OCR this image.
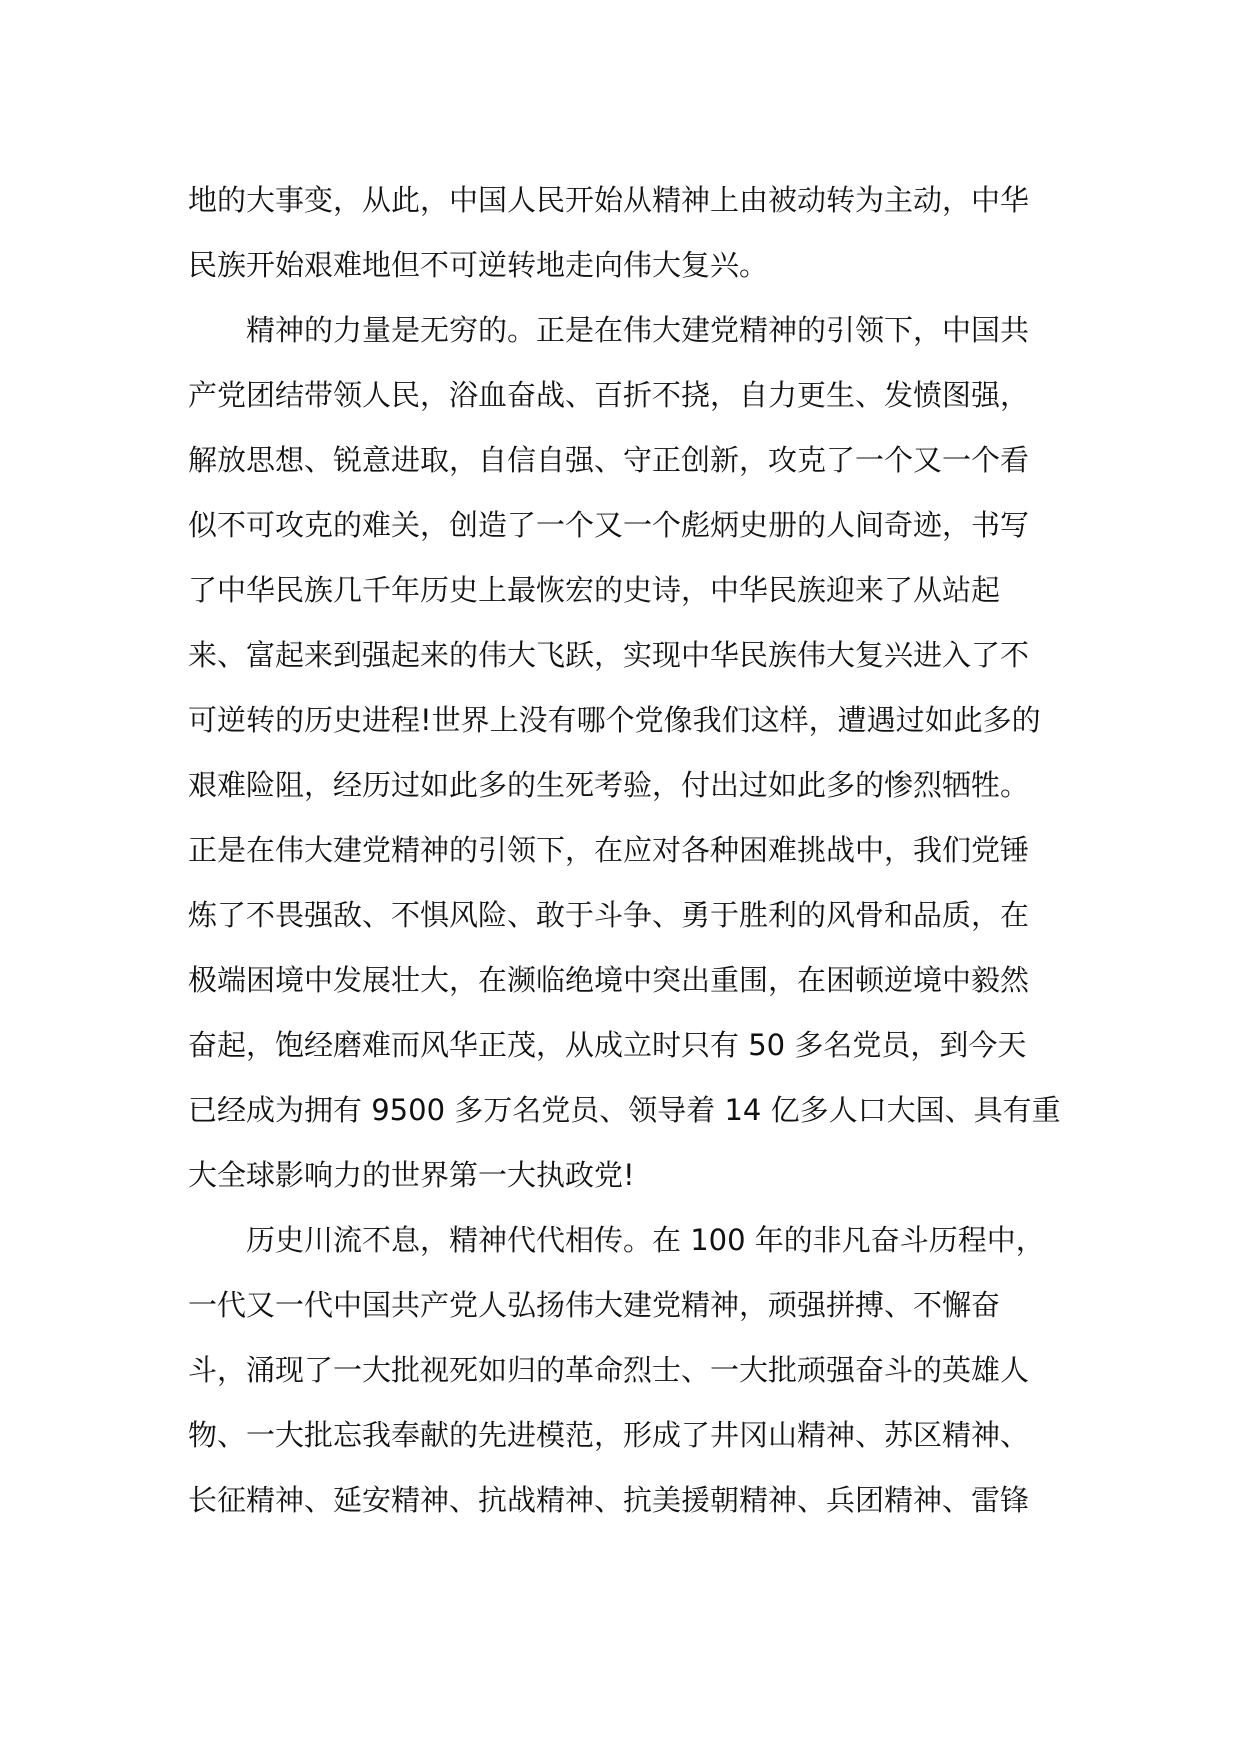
地的大事变，从此，中国人民开始从精神上由被动转为主动，中华
民族开始艰难地但不可逆转地走向伟大复兴。
精神的力量是无穷的。正是在伟大建党精神的引领下，中国共
产党团结带领人民，浴血奋战、百折不挠，自力更生、发愤图强，
解放思想、锐意进取，自信自强、守正创新，攻克了一个又一个看
似不可攻克的难关，创造了一个又一个彪炳史册的人间奇迹，书写
了中华民族几千年历史上最恢宏的史诗，中华民族迎来了从站起
来、富起来到强起来的伟大飞跃，实现中华民族伟大复兴进入了不
可逆转的历史进程!世界上没有哪个党像我们这样，遭遇过如此多的
艰难险阻，经历过如此多的生死考验，付出过如此多的惨烈牺牲。
正是在伟大建党精神的引领下，在应对各种困难挑战中，我们党锤
炼了不畏强敌、不惧风险、敢于斗争、勇于胜利的风骨和品质，在
极端困境中发展壮大，在濒临绝境中突出重围，在困顿逆境中毅然
奋起，饱经磨难而风华正茂，从成立时只有 50 多名党员，到今天
已经成为拥有 9500 多万名党员、领导着 14 亿多人口大国、具有重
大全球影响力的世界第一大执政党!
历史川流不息，精神代代相传。在 100 年的非凡奋斗历程中，
一代又一代中国共产党人弘扬伟大建党精神，顽强拼搏、不懈奋
斗，涌现了一大批视死如归的革命烈士、一大批顽强奋斗的英雄人
物、一大批忘我奉献的先进模范，形成了井冈山精神、苏区精神、
长征精神、延安精神、抗战精神、抗美援朝精神、兵团精神、雷锋
